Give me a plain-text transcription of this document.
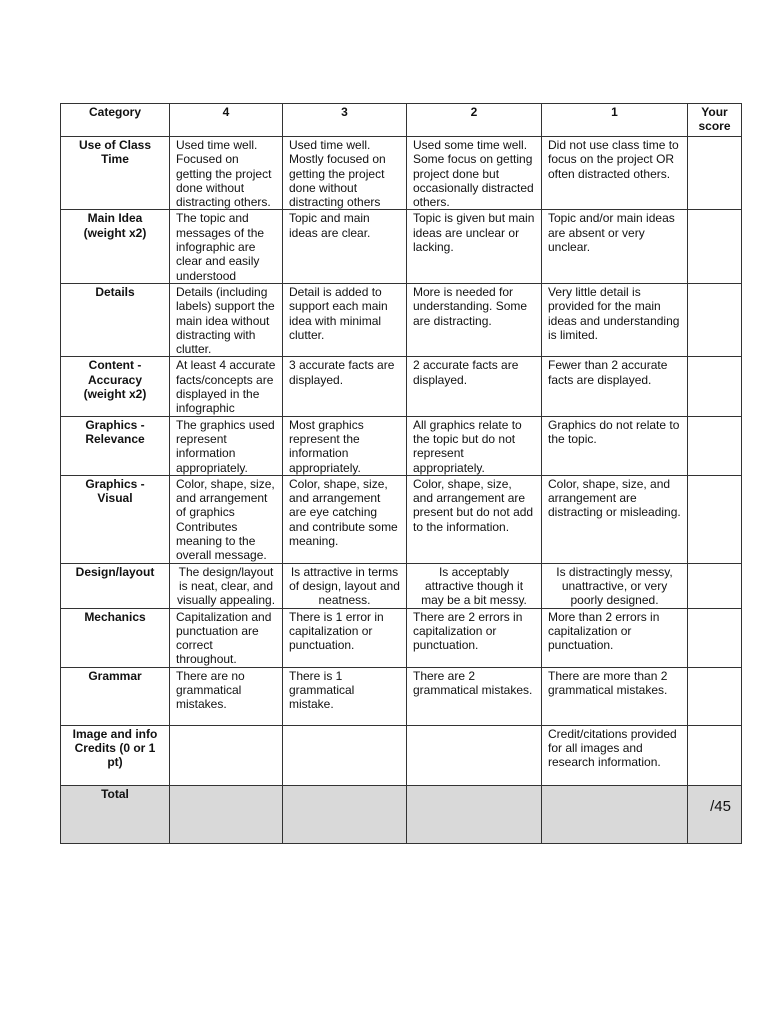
Category	4	3	2	1	Your score
Use of Class Time	Used time well. Focused on getting the project done without distracting others.	Used time well. Mostly focused on getting the project done without distracting others	Used some time well. Some focus on getting project done but occasionally distracted others.	Did not use class time to focus on the project OR often distracted others.	
Main Idea (weight x2)	The topic and messages of the infographic are clear and easily understood	Topic and main ideas are clear.	Topic is given but main ideas are unclear or lacking.	Topic and/or main ideas are absent or very unclear.	
Details	Details (including labels) support the main idea without distracting with clutter.	Detail is added to support each main idea with minimal clutter.	More is needed for understanding. Some are distracting.	Very little detail is provided for the main ideas and understanding is limited.	
Content - Accuracy (weight x2)	At least 4 accurate facts/concepts are displayed in the infographic	3 accurate facts are displayed.	2 accurate facts are displayed.	Fewer than 2 accurate facts are displayed.	
Graphics - Relevance	The graphics used represent information appropriately.	Most graphics represent the information appropriately.	All graphics relate to the topic but do not represent appropriately.	Graphics do not relate to the topic.	
Graphics - Visual	Color, shape, size, and arrangement of graphics Contributes meaning to the overall message.	Color, shape, size, and arrangement are eye catching and contribute some meaning.	Color, shape, size, and arrangement are present but do not add to the information.	Color, shape, size, and arrangement are distracting or misleading.	
Design/layout	The design/layout is neat, clear, and visually appealing.	Is attractive in terms of design, layout and neatness.	Is acceptably attractive though it may be a bit messy.	Is distractingly messy, unattractive, or very poorly designed.	
Mechanics	Capitalization and punctuation are correct throughout.	There is 1 error in capitalization or punctuation.	There are 2 errors in capitalization or punctuation.	More than 2 errors in capitalization or punctuation.	
Grammar	There are no grammatical mistakes.	There is 1 grammatical mistake.	There are 2 grammatical mistakes.	There are more than 2 grammatical mistakes.	
Image and info Credits (0 or 1 pt)				Credit/citations provided for all images and research information.	
Total					/45
